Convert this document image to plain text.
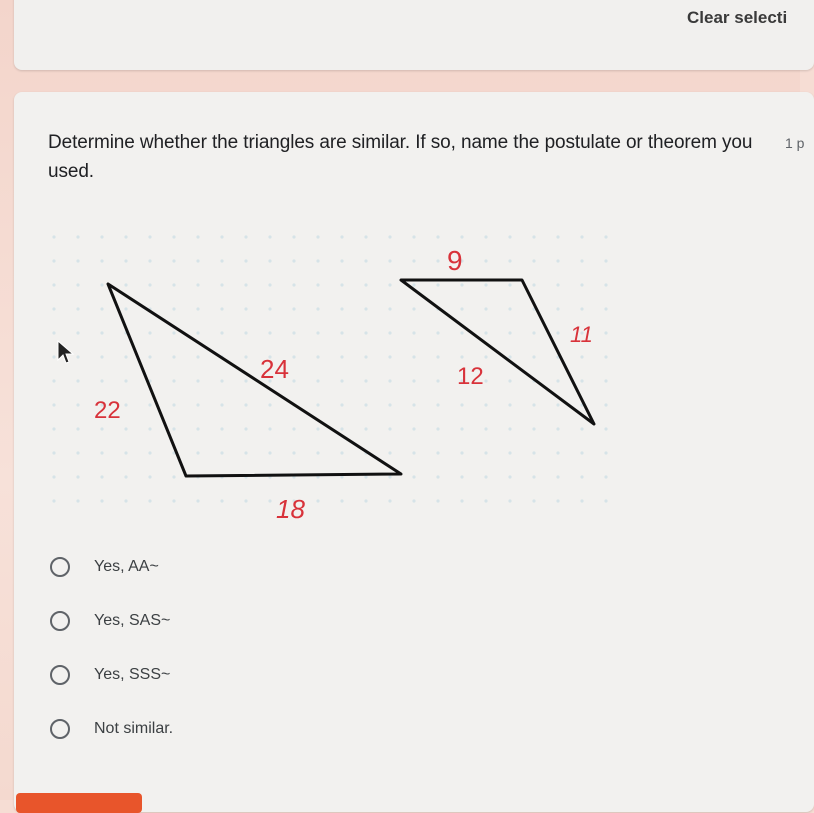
Clear selecti
Determine whether the triangles are similar. If so, name the postulate or theorem you used.
1 p
22
24
18
9
11
12
Yes, AA~
Yes, SAS~
Yes, SSS~
Not similar.
